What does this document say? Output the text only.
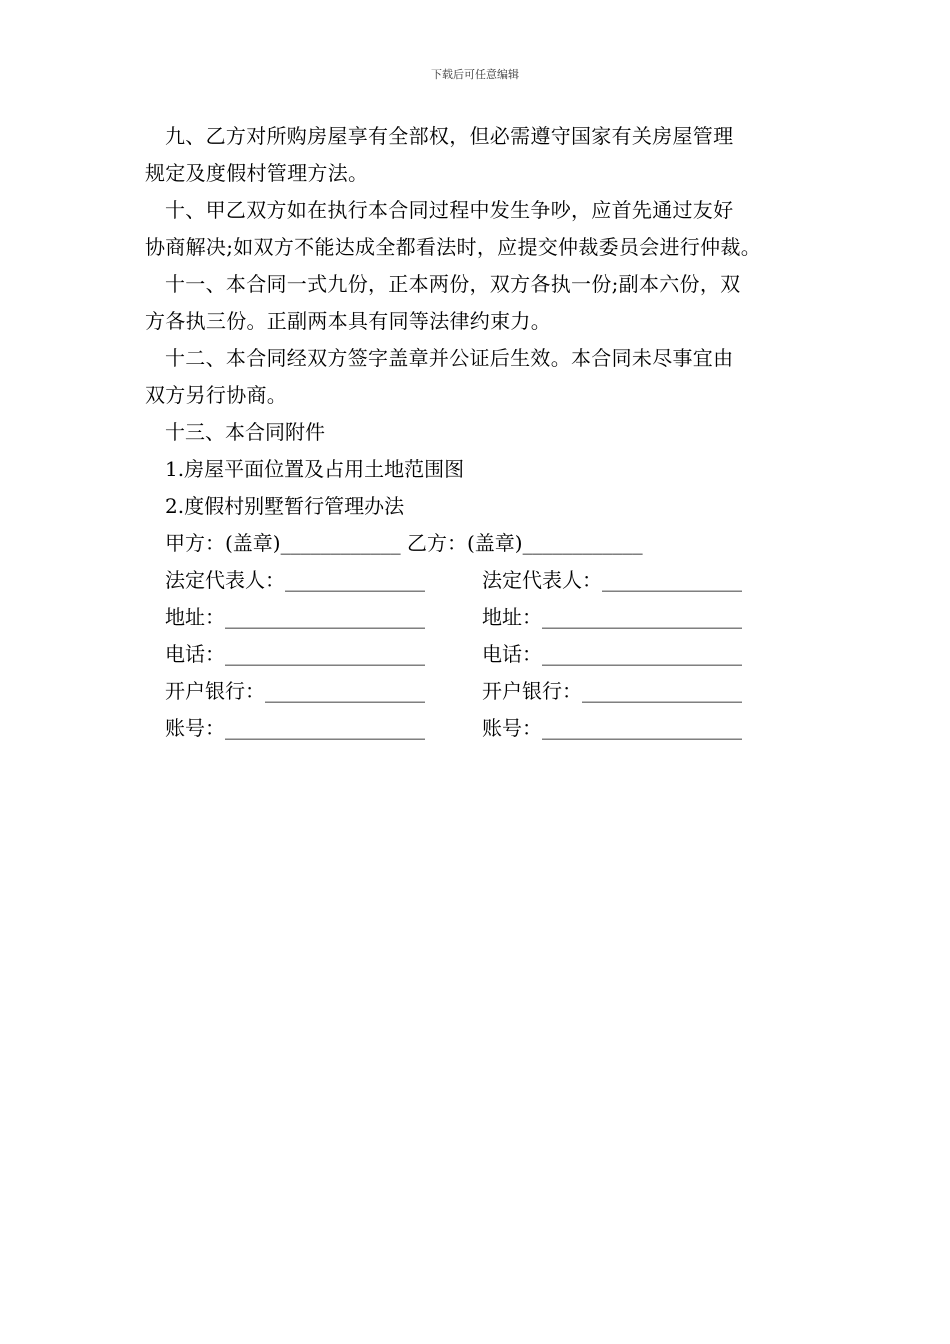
下载后可任意编辑

九、乙方对所购房屋享有全部权，但必需遵守国家有关房屋管理
规定及度假村管理方法。

十、甲乙双方如在执行本合同过程中发生争吵，应首先通过友好
协商解决;如双方不能达成全都看法时，应提交仲裁委员会进行仲裁。

十一、本合同一式九份，正本两份，双方各执一份;副本六份，双
方各执三份。正副两本具有同等法律约束力。

十二、本合同经双方签字盖章并公证后生效。本合同未尽事宜由
双方另行协商。

十三、本合同附件
1.房屋平面位置及占用土地范围图
2.度假村别墅暂行管理办法
甲方：(盖章)____________ 乙方：(盖章)____________
法定代表人：______________	法定代表人：______________
地址：____________________	地址：____________________
电话：____________________	电话：____________________
开户银行：________________	开户银行：________________
账号：____________________	账号：____________________
